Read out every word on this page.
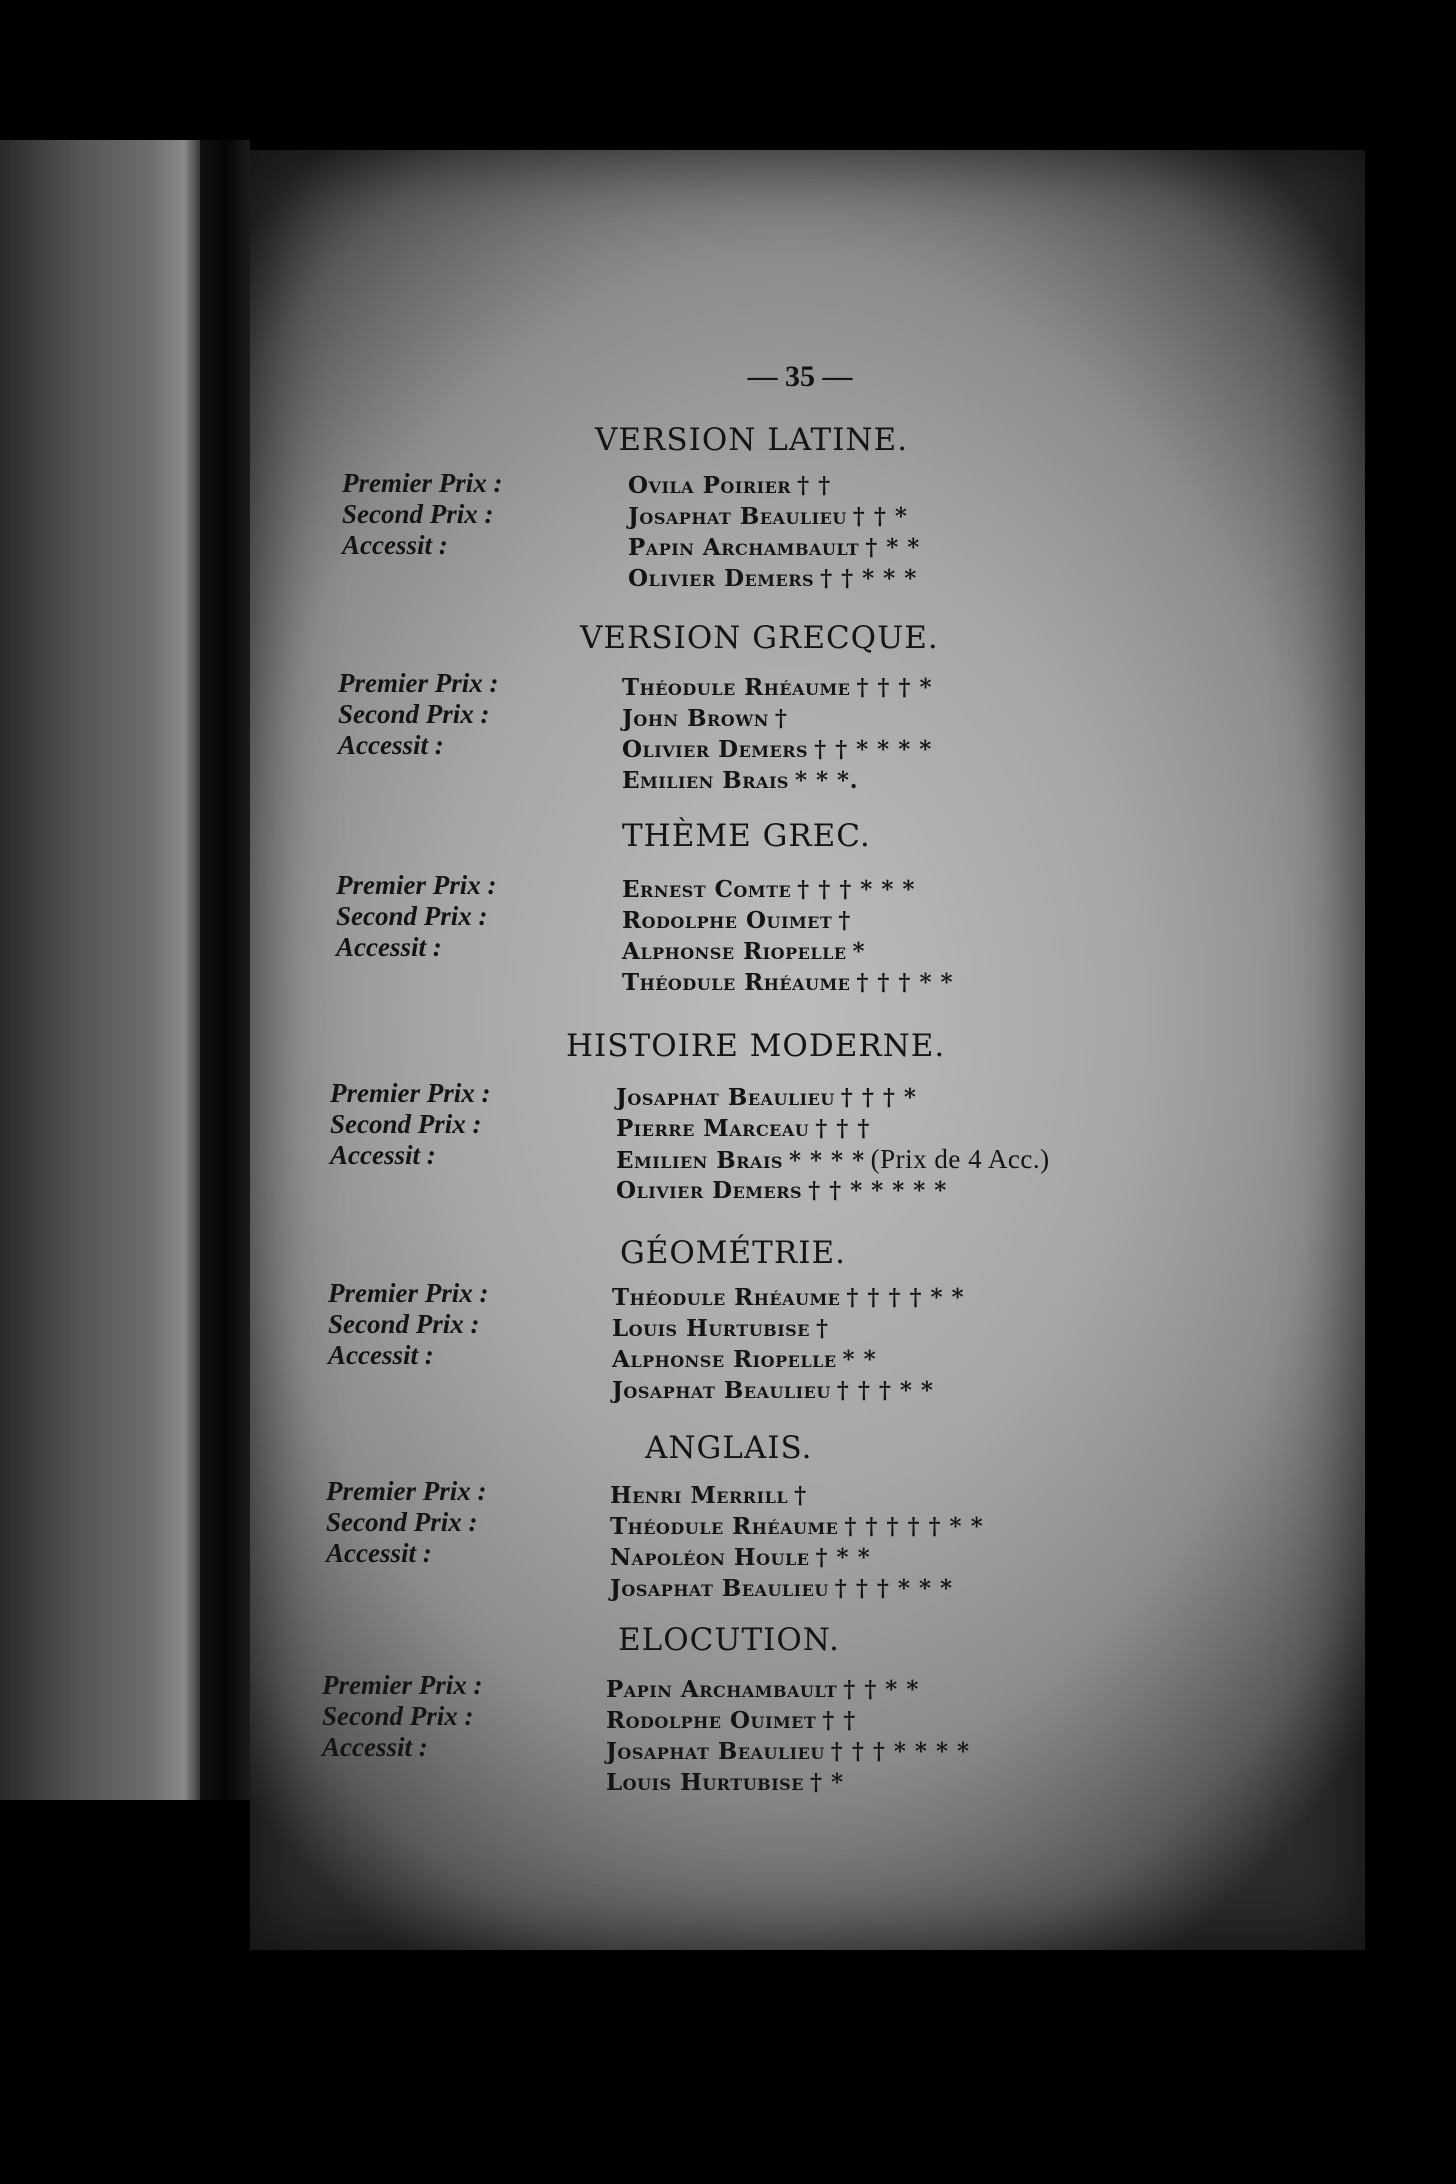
— 35 —
VERSION LATINE.
Premier Prix :
Second Prix :
Accessit :
Ovila Poirier † †
Josaphat Beaulieu † † *
Papin Archambault † * *
Olivier Demers † † * * *
VERSION GRECQUE.
Premier Prix :
Second Prix :
Accessit :
Théodule Rhéaume † † † *
John Brown †
Olivier Demers † † * * * *
Emilien Brais * * *.
THÈME GREC.
Premier Prix :
Second Prix :
Accessit :
Ernest Comte † † † * * *
Rodolphe Ouimet †
Alphonse Riopelle *
Théodule Rhéaume † † † * *
HISTOIRE MODERNE.
Premier Prix :
Second Prix :
Accessit :
Josaphat Beaulieu † † † *
Pierre Marceau † † †
Emilien Brais * * * * (Prix de 4 Acc.)
Olivier Demers † † * * * * *
GÉOMÉTRIE.
Premier Prix :
Second Prix :
Accessit :
Théodule Rhéaume † † † † * *
Louis Hurtubise †
Alphonse Riopelle * *
Josaphat Beaulieu † † † * *
ANGLAIS.
Premier Prix :
Second Prix :
Accessit :
Henri Merrill †
Théodule Rhéaume † † † † † * *
Napoléon Houle † * *
Josaphat Beaulieu † † † * * *
ELOCUTION.
Premier Prix :
Second Prix :
Accessit :
Papin Archambault † † * *
Rodolphe Ouimet † †
Josaphat Beaulieu † † † * * * *
Louis Hurtubise † *
